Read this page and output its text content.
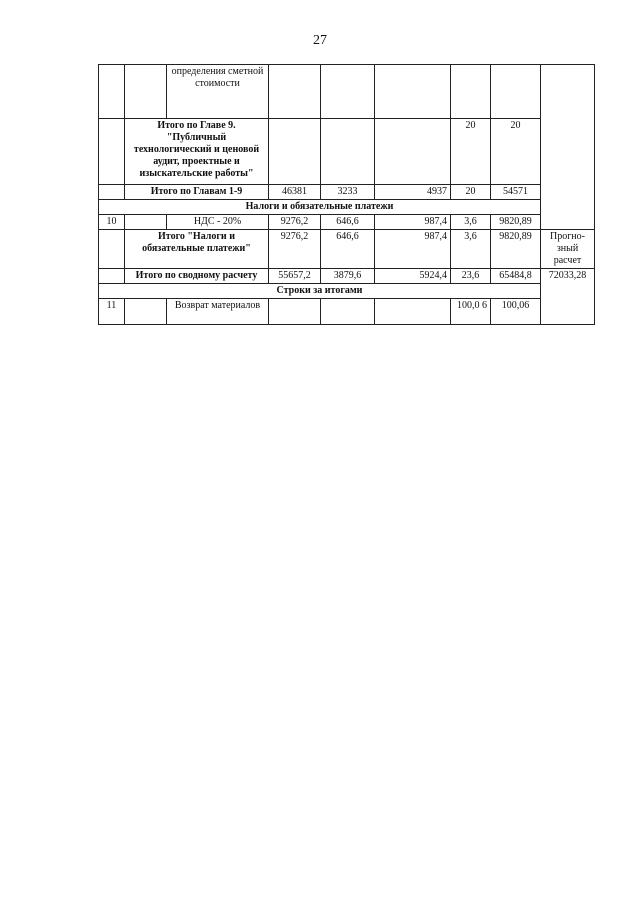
27
		определения сметной стоимости						
	Итого по Главе 9. "Публичный технологический и ценовой аудит, проектные и изыскательские работы"					20	20	
	Итого по Главам 1-9		46381	3233	4937	20	54571	
Налоги и обязательные платежи								
10		НДС - 20%	9276,2	646,6	987,4	3,6	9820,89	
	Итого "Налоги и обязательные платежи"		9276,2	646,6	987,4	3,6	9820,89	Прогно- зный расчет
	Итого по сводному расчету		55657,2	3879,6	5924,4	23,6	65484,8	72033,28
Строки за итогами								
11		Возврат материалов				100,0 6	100,06	
